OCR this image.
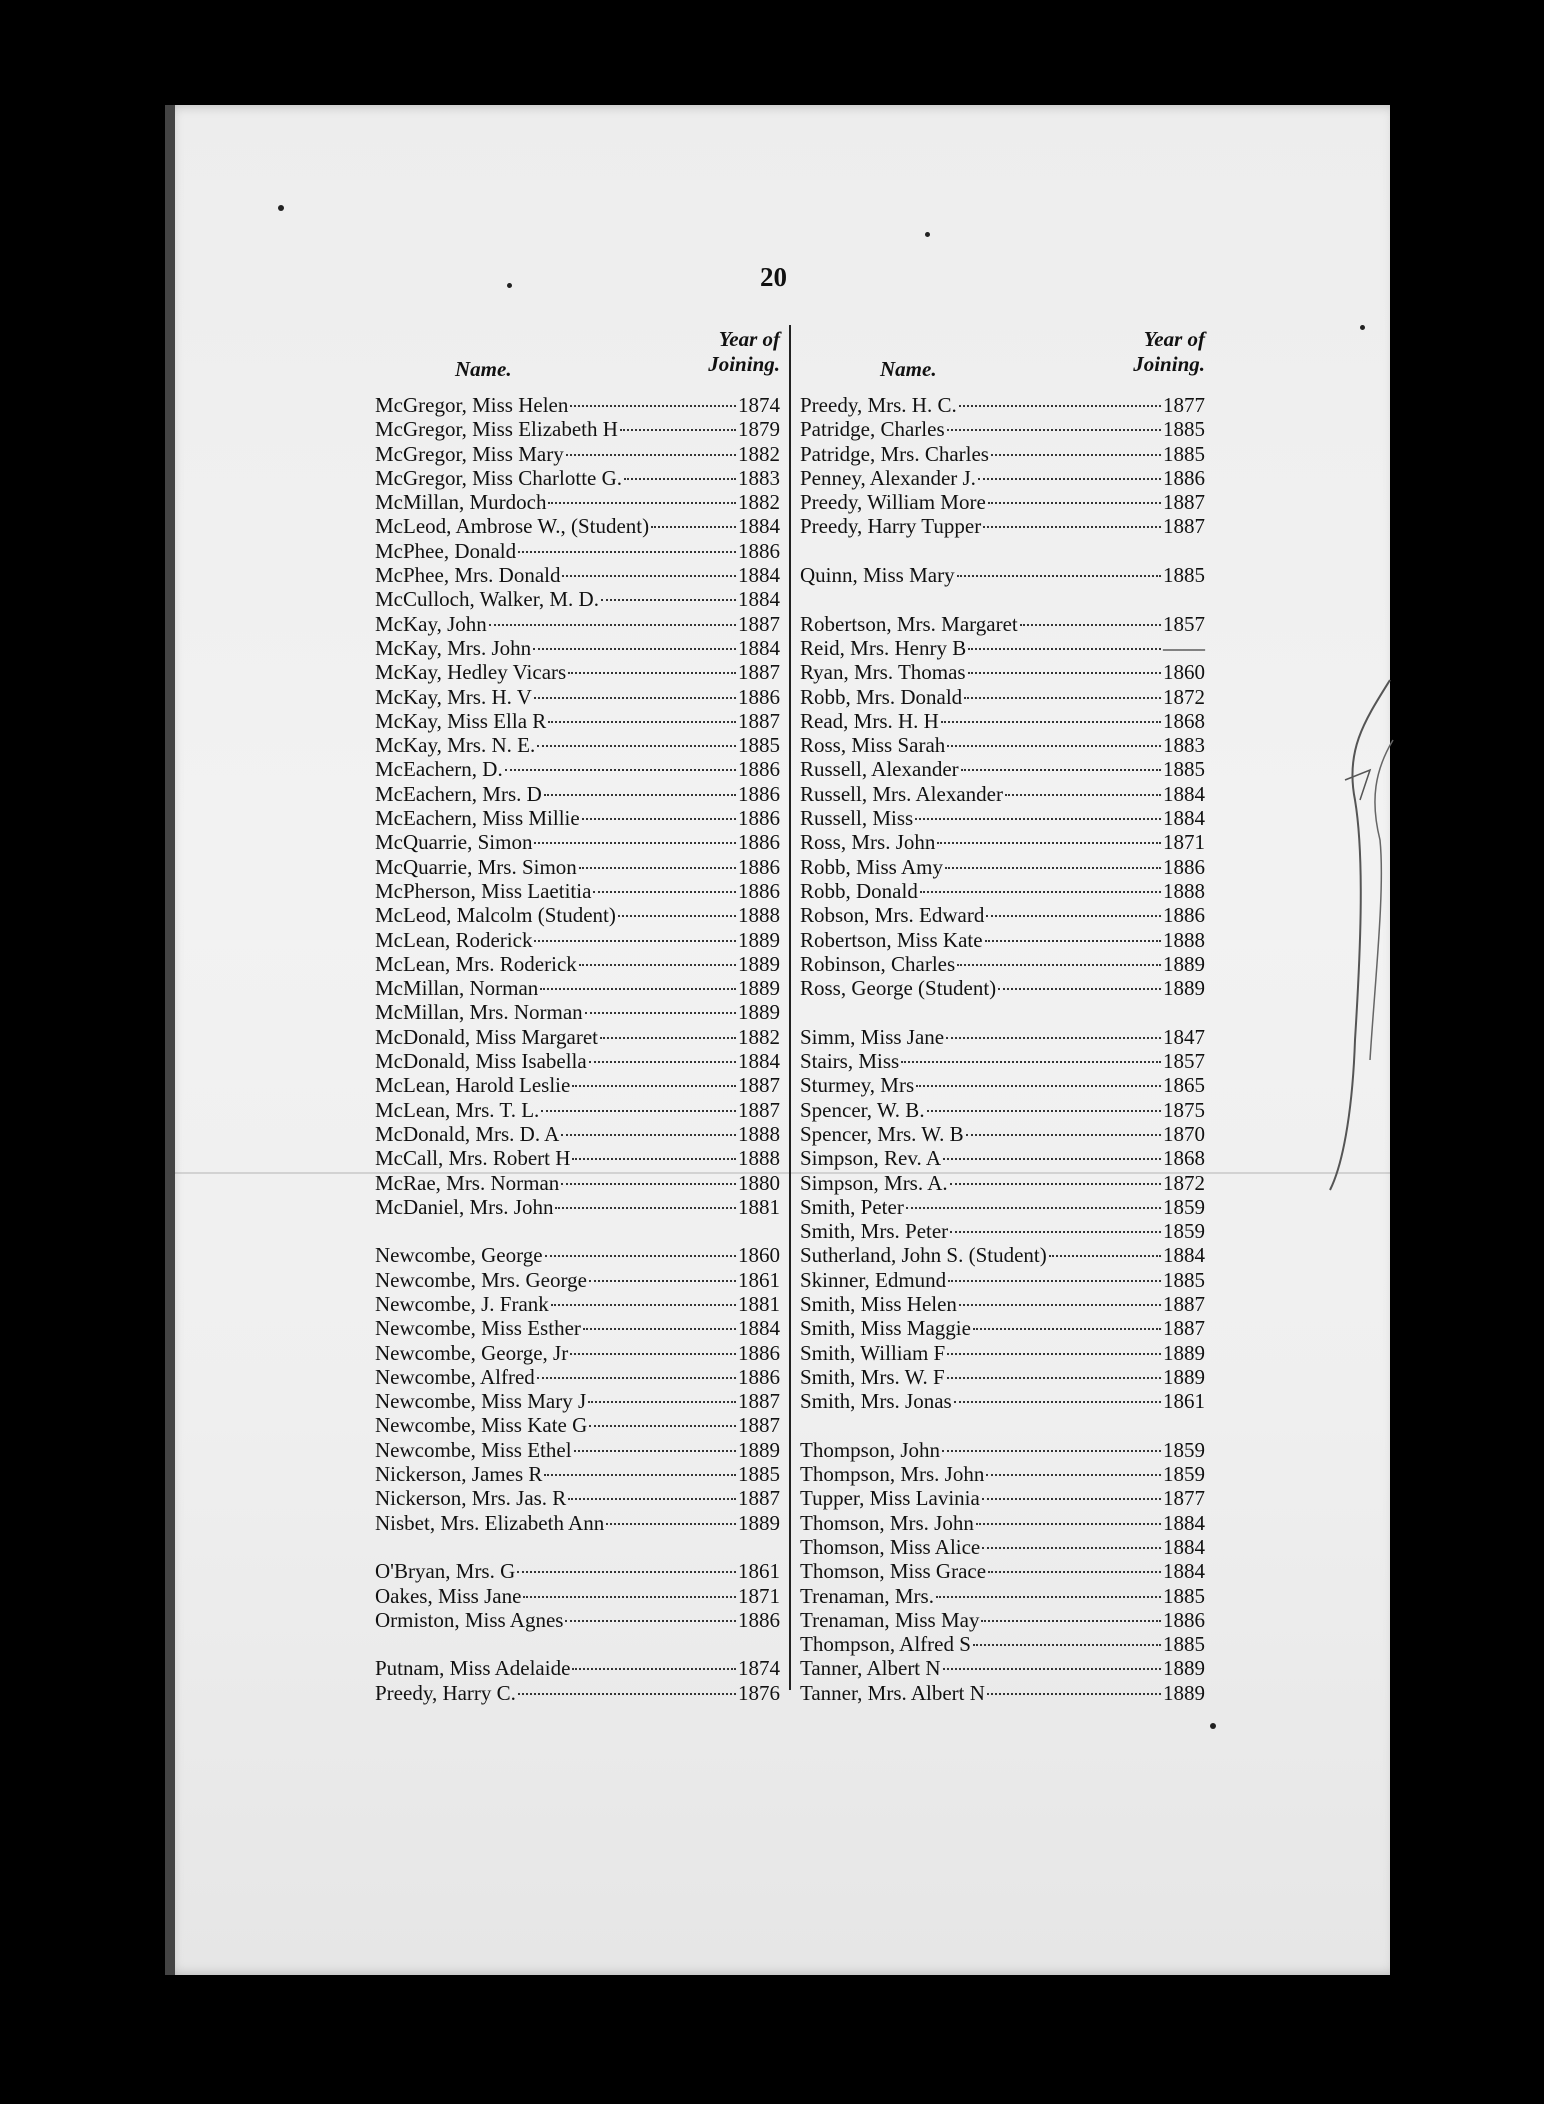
20
Name.
Year of
Joining.
McGregor, Miss Helen	1874
McGregor, Miss Elizabeth H	1879
McGregor, Miss Mary	1882
McGregor, Miss Charlotte G.	1883
McMillan, Murdoch	1882
McLeod, Ambrose W., (Student)	1884
McPhee, Donald	1886
McPhee, Mrs. Donald	1884
McCulloch, Walker, M. D.	1884
McKay, John	1887
McKay, Mrs. John	1884
McKay, Hedley Vicars	1887
McKay, Mrs. H. V	1886
McKay, Miss Ella R	1887
McKay, Mrs. N. E.	1885
McEachern, D.	1886
McEachern, Mrs. D	1886
McEachern, Miss Millie	1886
McQuarrie, Simon	1886
McQuarrie, Mrs. Simon	1886
McPherson, Miss Laetitia	1886
McLeod, Malcolm (Student)	1888
McLean, Roderick	1889
McLean, Mrs. Roderick	1889
McMillan, Norman	1889
McMillan, Mrs. Norman	1889
McDonald, Miss Margaret	1882
McDonald, Miss Isabella	1884
McLean, Harold Leslie	1887
McLean, Mrs. T. L.	1887
McDonald, Mrs. D. A	1888
McCall, Mrs. Robert H	1888
McRae, Mrs. Norman	1880
McDaniel, Mrs. John	1881
Newcombe, George	1860
Newcombe, Mrs. George	1861
Newcombe, J. Frank	1881
Newcombe, Miss Esther	1884
Newcombe, George, Jr	1886
Newcombe, Alfred	1886
Newcombe, Miss Mary J	1887
Newcombe, Miss Kate G	1887
Newcombe, Miss Ethel	1889
Nickerson, James R	1885
Nickerson, Mrs. Jas. R	1887
Nisbet, Mrs. Elizabeth Ann	1889
O'Bryan, Mrs. G	1861
Oakes, Miss Jane	1871
Ormiston, Miss Agnes	1886
Putnam, Miss Adelaide	1874
Preedy, Harry C.	1876
Name.
Year of
Joining.
Preedy, Mrs. H. C.	1877
Patridge, Charles	1885
Patridge, Mrs. Charles	1885
Penney, Alexander J.	1886
Preedy, William More	1887
Preedy, Harry Tupper	1887
Quinn, Miss Mary	1885
Robertson, Mrs. Margaret	1857
Reid, Mrs. Henry B	——
Ryan, Mrs. Thomas	1860
Robb, Mrs. Donald	1872
Read, Mrs. H. H	1868
Ross, Miss Sarah	1883
Russell, Alexander	1885
Russell, Mrs. Alexander	1884
Russell, Miss	1884
Ross, Mrs. John	1871
Robb, Miss Amy	1886
Robb, Donald	1888
Robson, Mrs. Edward	1886
Robertson, Miss Kate	1888
Robinson, Charles	1889
Ross, George (Student)	1889
Simm, Miss Jane	1847
Stairs, Miss	1857
Sturmey, Mrs	1865
Spencer, W. B.	1875
Spencer, Mrs. W. B	1870
Simpson, Rev. A	1868
Simpson, Mrs. A.	1872
Smith, Peter	1859
Smith, Mrs. Peter	1859
Sutherland, John S. (Student)	1884
Skinner, Edmund	1885
Smith, Miss Helen	1887
Smith, Miss Maggie	1887
Smith, William F	1889
Smith, Mrs. W. F	1889
Smith, Mrs. Jonas	1861
Thompson, John	1859
Thompson, Mrs. John	1859
Tupper, Miss Lavinia	1877
Thomson, Mrs. John	1884
Thomson, Miss Alice	1884
Thomson, Miss Grace	1884
Trenaman, Mrs.	1885
Trenaman, Miss May	1886
Thompson, Alfred S	1885
Tanner, Albert N	1889
Tanner, Mrs. Albert N	1889
